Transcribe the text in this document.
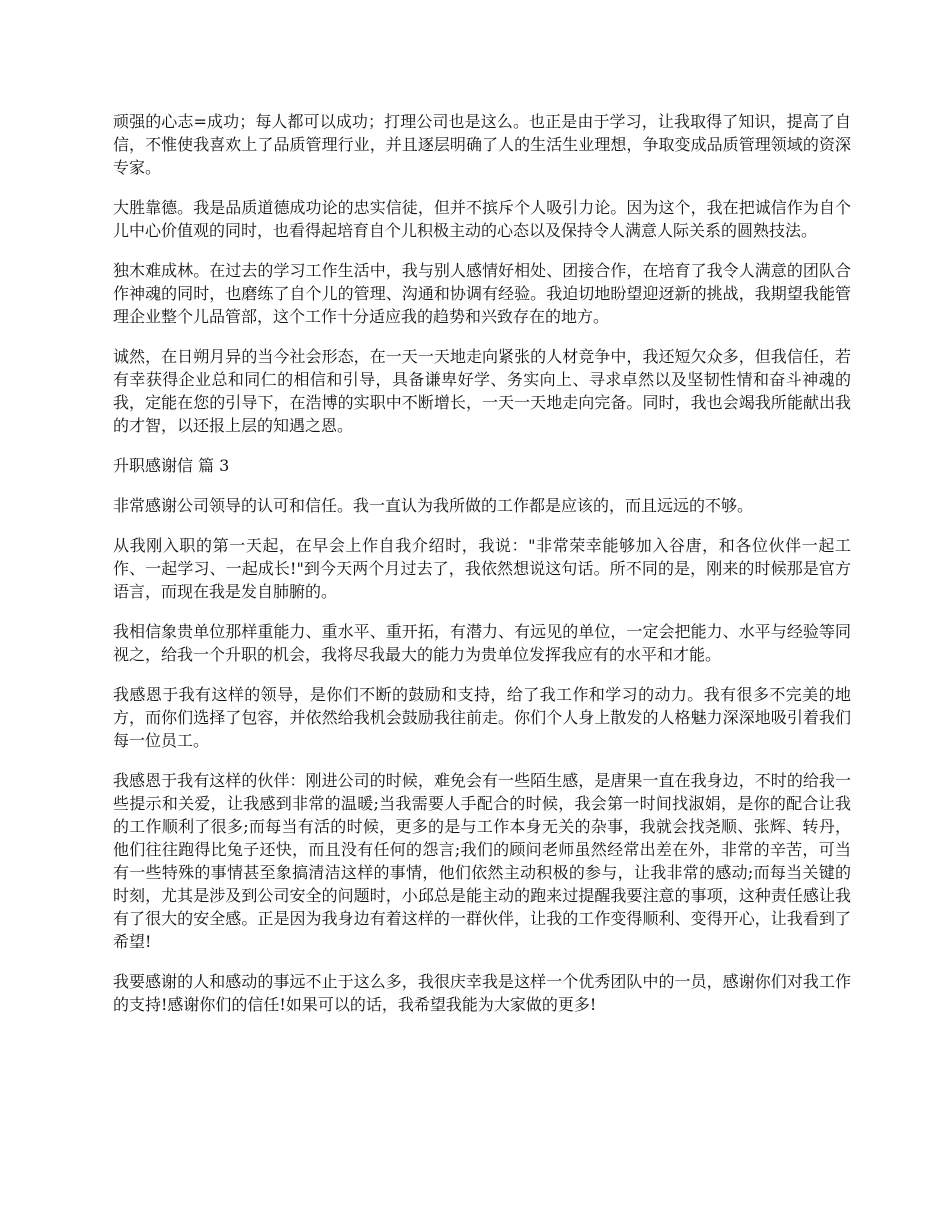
顽强的心志=成功；每人都可以成功；打理公司也是这么。也正是由于学习，让我取得了知识，提高了自信，不惟使我喜欢上了品质管理行业，并且逐层明确了人的生活生业理想，争取变成品质管理领域的资深专家。

大胜靠德。我是品质道德成功论的忠实信徒，但并不摈斥个人吸引力论。因为这个，我在把诚信作为自个儿中心价值观的同时，也看得起培育自个儿积极主动的心态以及保持令人满意人际关系的圆熟技法。

独木难成林。在过去的学习工作生活中，我与别人感情好相处、团接合作，在培育了我令人满意的团队合作神魂的同时，也磨练了自个儿的管理、沟通和协调有经验。我迫切地盼望迎迓新的挑战，我期望我能管理企业整个儿品管部，这个工作十分适应我的趋势和兴致存在的地方。

诚然，在日朔月异的当今社会形态，在一天一天地走向紧张的人材竞争中，我还短欠众多，但我信任，若有幸获得企业总和同仁的相信和引导，具备谦卑好学、务实向上、寻求卓然以及坚韧性情和奋斗神魂的我，定能在您的引导下，在浩博的实职中不断增长，一天一天地走向完备。同时，我也会竭我所能献出我的才智，以还报上层的知遇之恩。

升职感谢信 篇 3

非常感谢公司领导的认可和信任。我一直认为我所做的工作都是应该的，而且远远的不够。

从我刚入职的第一天起，在早会上作自我介绍时，我说："非常荣幸能够加入谷唐，和各位伙伴一起工作、一起学习、一起成长!"到今天两个月过去了，我依然想说这句话。所不同的是，刚来的时候那是官方语言，而现在我是发自肺腑的。

我相信象贵单位那样重能力、重水平、重开拓，有潜力、有远见的单位，一定会把能力、水平与经验等同视之，给我一个升职的机会，我将尽我最大的能力为贵单位发挥我应有的水平和才能。

我感恩于我有这样的领导，是你们不断的鼓励和支持，给了我工作和学习的动力。我有很多不完美的地方，而你们选择了包容，并依然给我机会鼓励我往前走。你们个人身上散发的人格魅力深深地吸引着我们每一位员工。

我感恩于我有这样的伙伴：刚进公司的时候，难免会有一些陌生感，是唐果一直在我身边，不时的给我一些提示和关爱，让我感到非常的温暖;当我需要人手配合的时候，我会第一时间找淑娟，是你的配合让我的工作顺利了很多;而每当有活的时候，更多的是与工作本身无关的杂事，我就会找尧顺、张辉、转丹，他们往往跑得比兔子还快，而且没有任何的怨言;我们的顾问老师虽然经常出差在外，非常的辛苦，可当有一些特殊的事情甚至象搞清洁这样的事情，他们依然主动积极的参与，让我非常的感动;而每当关键的时刻，尤其是涉及到公司安全的问题时，小邱总是能主动的跑来过提醒我要注意的事项，这种责任感让我有了很大的安全感。正是因为我身边有着这样的一群伙伴，让我的工作变得顺利、变得开心，让我看到了希望!

我要感谢的人和感动的事远不止于这么多，我很庆幸我是这样一个优秀团队中的一员，感谢你们对我工作的支持!感谢你们的信任!如果可以的话，我希望我能为大家做的更多!
